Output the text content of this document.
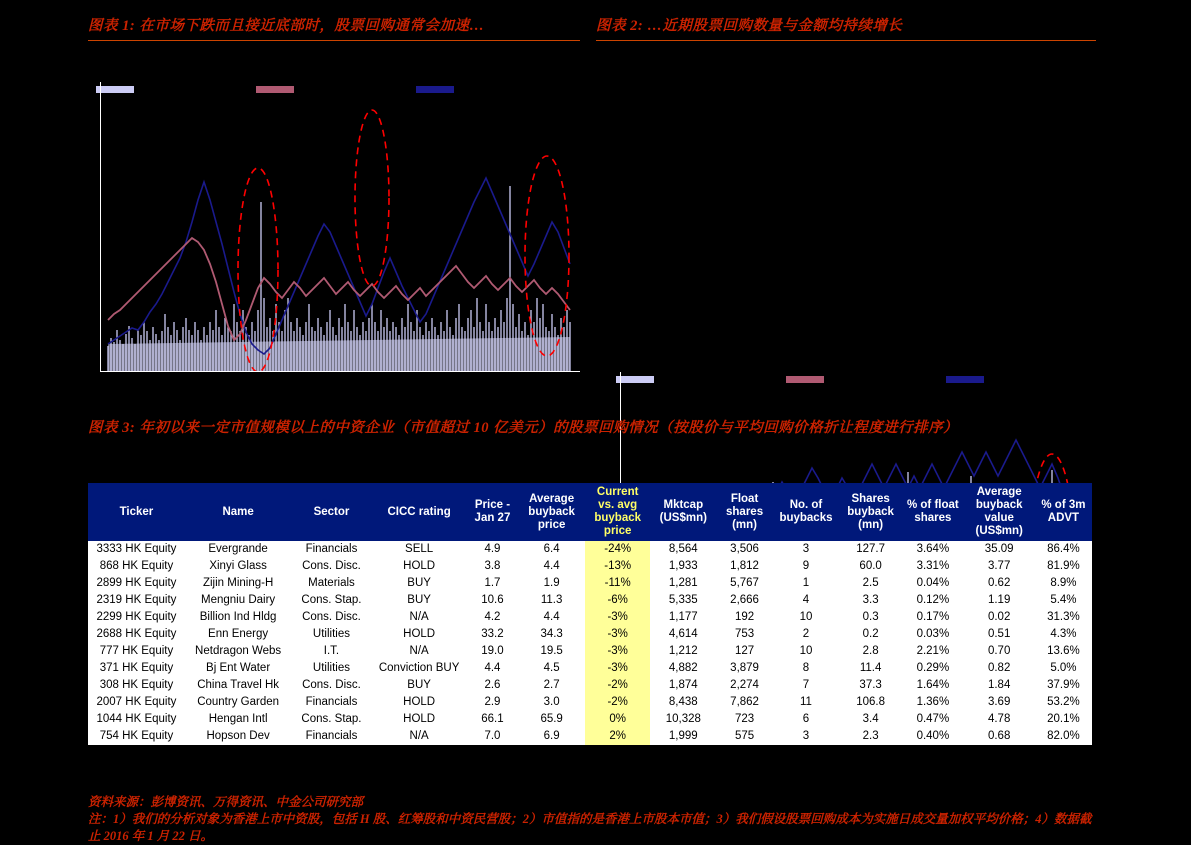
图表 1: 在市场下跌而且接近底部时，股票回购通常会加速…	图表 2: …近期股票回购数量与金额均持续增长
图表 3: 年初以来一定市值规模以上的中资企业（市值超过 10 亿美元）的股票回购情况（按股价与平均回购价格折让程度进行排序）
Ticker	Name	Sector	CICC rating	Price - Jan 27	Average buyback price	Current vs. avg buyback price	Mktcap (US$mn)	Float shares (mn)	No. of buybacks	Shares buyback (mn)	% of float shares	Average buyback value (US$mn)	% of 3m ADVT
3333 HK Equity	Evergrande	Financials	SELL	4.9	6.4	-24%	8,564	3,506	3	127.7	3.64%	35.09	86.4%
868 HK Equity	Xinyi Glass	Cons. Disc.	HOLD	3.8	4.4	-13%	1,933	1,812	9	60.0	3.31%	3.77	81.9%
2899 HK Equity	Zijin Mining-H	Materials	BUY	1.7	1.9	-11%	1,281	5,767	1	2.5	0.04%	0.62	8.9%
2319 HK Equity	Mengniu Dairy	Cons. Stap.	BUY	10.6	11.3	-6%	5,335	2,666	4	3.3	0.12%	1.19	5.4%
2299 HK Equity	Billion Ind Hldg	Cons. Disc.	N/A	4.2	4.4	-3%	1,177	192	10	0.3	0.17%	0.02	31.3%
2688 HK Equity	Enn Energy	Utilities	HOLD	33.2	34.3	-3%	4,614	753	2	0.2	0.03%	0.51	4.3%
777 HK Equity	Netdragon Webs	I.T.	N/A	19.0	19.5	-3%	1,212	127	10	2.8	2.21%	0.70	13.6%
371 HK Equity	Bj Ent Water	Utilities	Conviction BUY	4.4	4.5	-3%	4,882	3,879	8	11.4	0.29%	0.82	5.0%
308 HK Equity	China Travel Hk	Cons. Disc.	BUY	2.6	2.7	-2%	1,874	2,274	7	37.3	1.64%	1.84	37.9%
2007 HK Equity	Country Garden	Financials	HOLD	2.9	3.0	-2%	8,438	7,862	11	106.8	1.36%	3.69	53.2%
1044 HK Equity	Hengan Intl	Cons. Stap.	HOLD	66.1	65.9	0%	10,328	723	6	3.4	0.47%	4.78	20.1%
754 HK Equity	Hopson Dev	Financials	N/A	7.0	6.9	2%	1,999	575	3	2.3	0.40%	0.68	82.0%
资料来源：彭博资讯、万得资讯、中金公司研究部
注：1）我们的分析对象为香港上市中资股，包括 H 股、红筹股和中资民营股；2）市值指的是香港上市股本市值；3）我们假设股票回购成本为实施日成交量加权平均价格；4）数据截止 2016 年 1 月 22 日。
